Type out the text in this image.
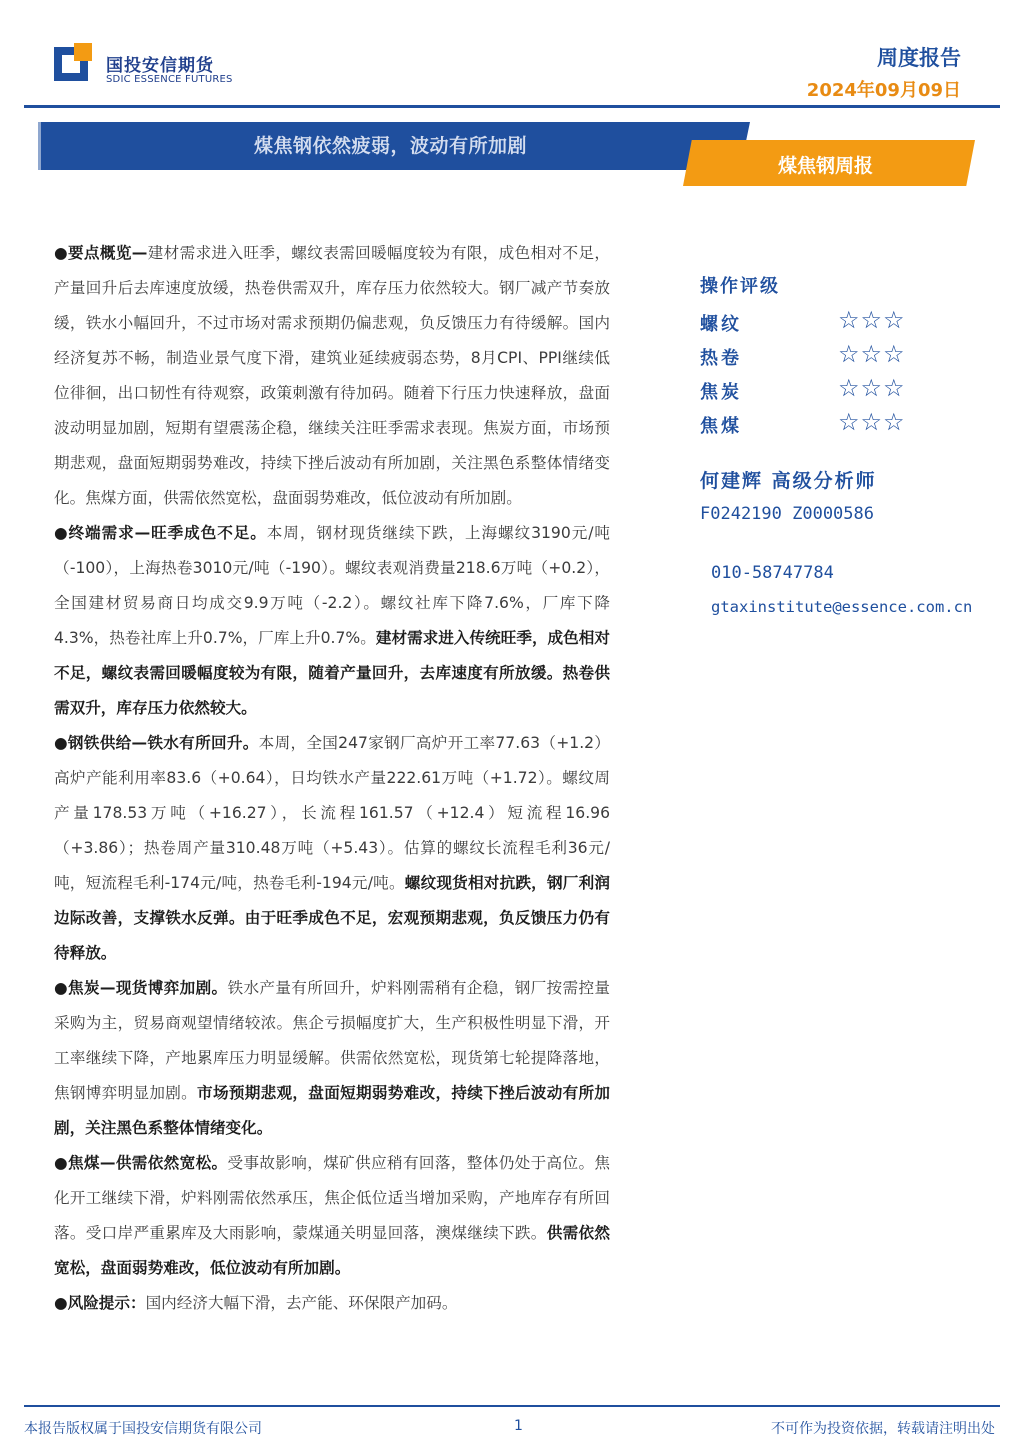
国投安信期货
SDIC ESSENCE FUTURES
周度报告
2024年09月09日
煤焦钢依然疲弱，波动有所加剧
煤焦钢周报

●要点概览—建材需求进入旺季，螺纹表需回暖幅度较为有限，成色相对不足，产量回升后去库速度放缓，热卷供需双升，库存压力依然较大。钢厂减产节奏放缓，铁水小幅回升，不过市场对需求预期仍偏悲观，负反馈压力有待缓解。国内经济复苏不畅，制造业景气度下滑，建筑业延续疲弱态势，8月CPI、PPI继续低位徘徊，出口韧性有待观察，政策刺激有待加码。随着下行压力快速释放，盘面波动明显加剧，短期有望震荡企稳，继续关注旺季需求表现。焦炭方面，市场预期悲观，盘面短期弱势难改，持续下挫后波动有所加剧，关注黑色系整体情绪变化。焦煤方面，供需依然宽松，盘面弱势难改，低位波动有所加剧。

●终端需求—旺季成色不足。本周，钢材现货继续下跌，上海螺纹3190元/吨（-100），上海热卷3010元/吨（-190）。螺纹表观消费量218.6万吨（+0.2），全国建材贸易商日均成交9.9万吨（-2.2）。螺纹社库下降7.6%，厂库下降4.3%，热卷社库上升0.7%，厂库上升0.7%。建材需求进入传统旺季，成色相对不足，螺纹表需回暖幅度较为有限，随着产量回升，去库速度有所放缓。热卷供需双升，库存压力依然较大。

●钢铁供给—铁水有所回升。本周，全国247家钢厂高炉开工率77.63（+1.2）高炉产能利用率83.6（+0.64），日均铁水产量222.61万吨（+1.72）。螺纹周产量178.53万吨（+16.27），长流程161.57（+12.4）短流程16.96（+3.86）；热卷周产量310.48万吨（+5.43）。估算的螺纹长流程毛利36元/吨，短流程毛利-174元/吨，热卷毛利-194元/吨。螺纹现货相对抗跌，钢厂利润边际改善，支撑铁水反弹。由于旺季成色不足，宏观预期悲观，负反馈压力仍有待释放。

●焦炭—现货博弈加剧。铁水产量有所回升，炉料刚需稍有企稳，钢厂按需控量采购为主，贸易商观望情绪较浓。焦企亏损幅度扩大，生产积极性明显下滑，开工率继续下降，产地累库压力明显缓解。供需依然宽松，现货第七轮提降落地，焦钢博弈明显加剧。市场预期悲观，盘面短期弱势难改，持续下挫后波动有所加剧，关注黑色系整体情绪变化。

●焦煤—供需依然宽松。受事故影响，煤矿供应稍有回落，整体仍处于高位。焦化开工继续下滑，炉料刚需依然承压，焦企低位适当增加采购，产地库存有所回落。受口岸严重累库及大雨影响，蒙煤通关明显回落，澳煤继续下跌。供需依然宽松，盘面弱势难改，低位波动有所加剧。

●风险提示：国内经济大幅下滑，去产能、环保限产加码。

操作评级
螺纹	☆☆☆
热卷	☆☆☆
焦炭	☆☆☆
焦煤	☆☆☆
何建辉 高级分析师
F0242190 Z0000586
010-58747784
gtaxinstitute@essence.com.cn
本报告版权属于国投安信期货有限公司	1	不可作为投资依据，转载请注明出处
